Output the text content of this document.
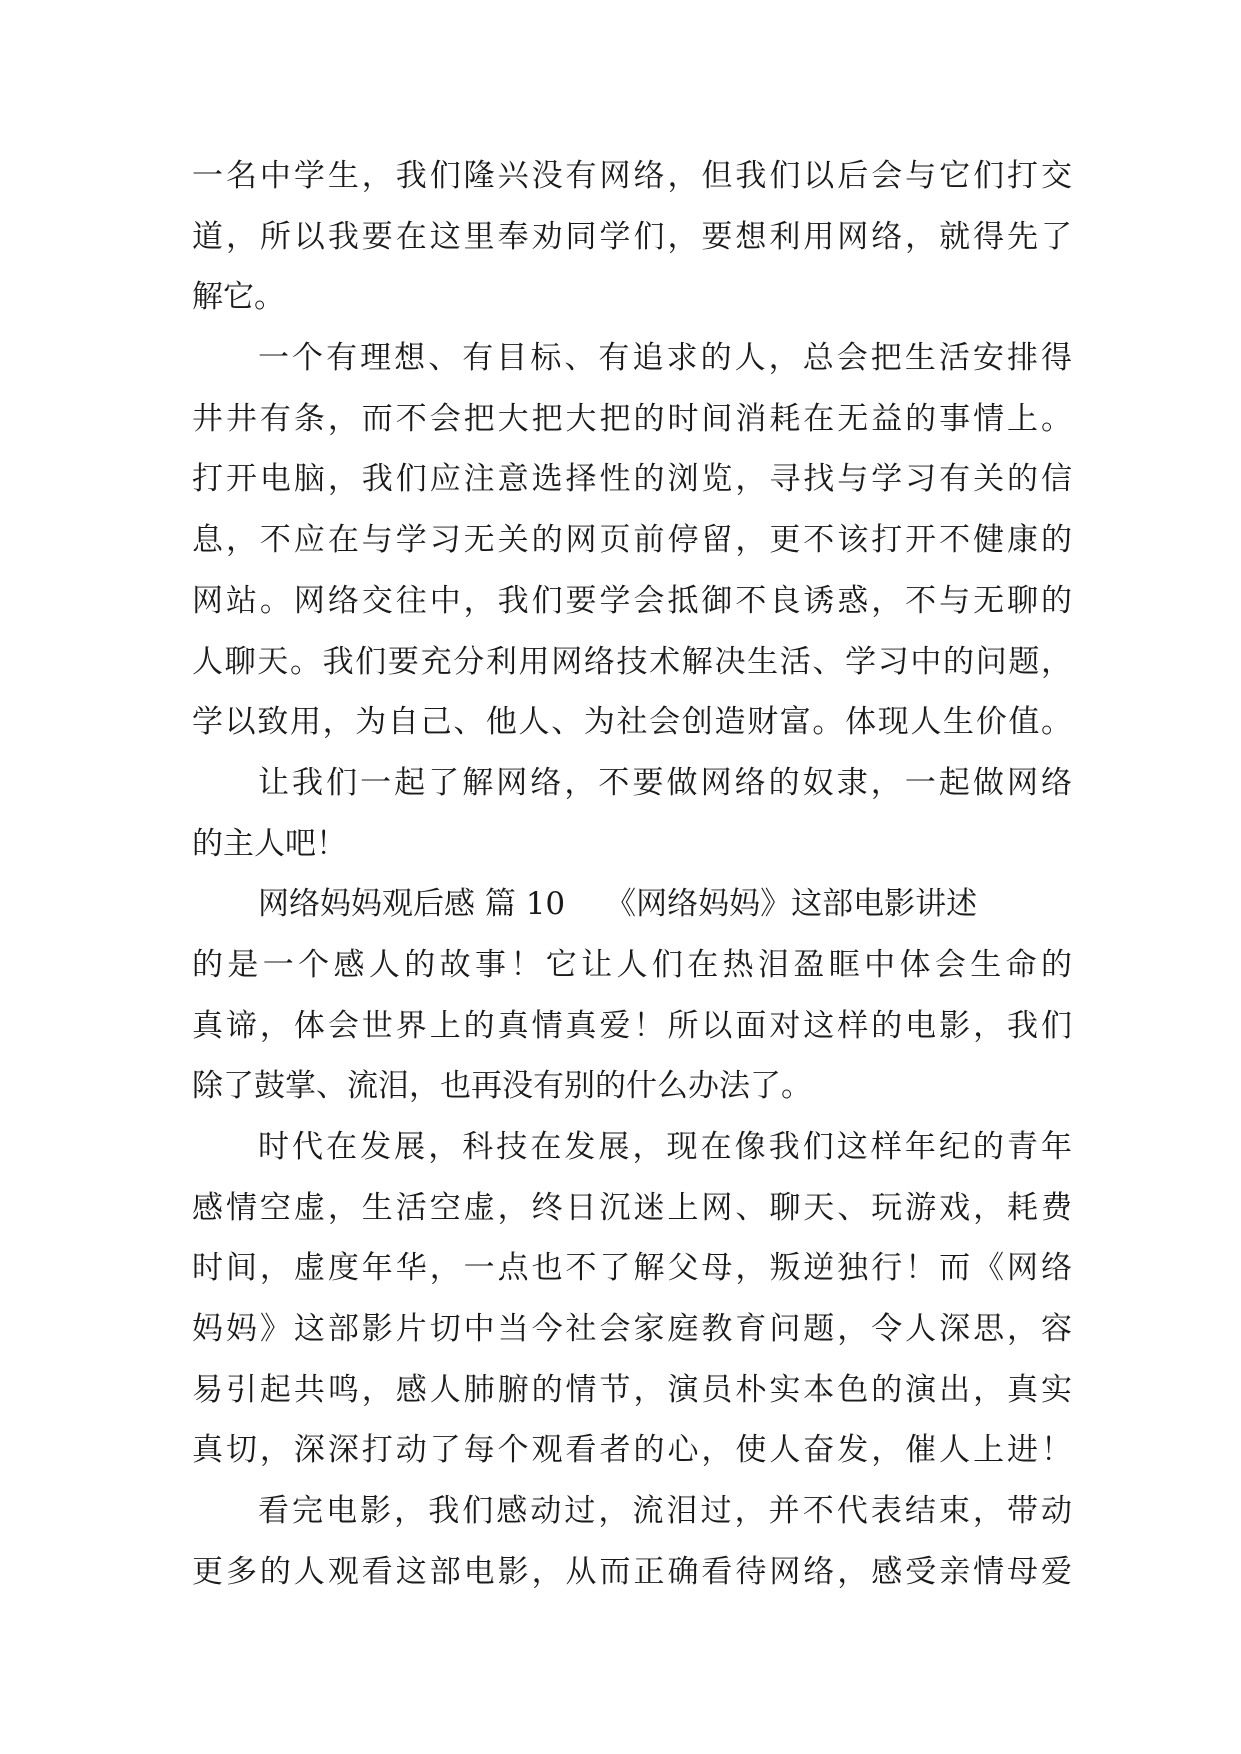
一名中学生，我们隆兴没有网络，但我们以后会与它们打交
道，所以我要在这里奉劝同学们，要想利用网络，就得先了
解它。
一个有理想、有目标、有追求的人，总会把生活安排得
井井有条，而不会把大把大把的时间消耗在无益的事情上。
打开电脑，我们应注意选择性的浏览，寻找与学习有关的信
息，不应在与学习无关的网页前停留，更不该打开不健康的
网站。网络交往中，我们要学会抵御不良诱惑，不与无聊的
人聊天。我们要充分利用网络技术解决生活、学习中的问题，
学以致用，为自己、他人、为社会创造财富。体现人生价值。
让我们一起了解网络，不要做网络的奴隶，一起做网络
的主人吧！
网络妈妈观后感 篇 10 《网络妈妈》这部电影讲述
的是一个感人的故事！它让人们在热泪盈眶中体会生命的
真谛，体会世界上的真情真爱！所以面对这样的电影，我们
除了鼓掌、流泪，也再没有别的什么办法了。
时代在发展，科技在发展，现在像我们这样年纪的青年
感情空虚，生活空虚，终日沉迷上网、聊天、玩游戏，耗费
时间，虚度年华，一点也不了解父母，叛逆独行！而《网络
妈妈》这部影片切中当今社会家庭教育问题，令人深思，容
易引起共鸣，感人肺腑的情节，演员朴实本色的演出，真实
真切，深深打动了每个观看者的心，使人奋发，催人上进！
看完电影，我们感动过，流泪过，并不代表结束，带动
更多的人观看这部电影，从而正确看待网络，感受亲情母爱
